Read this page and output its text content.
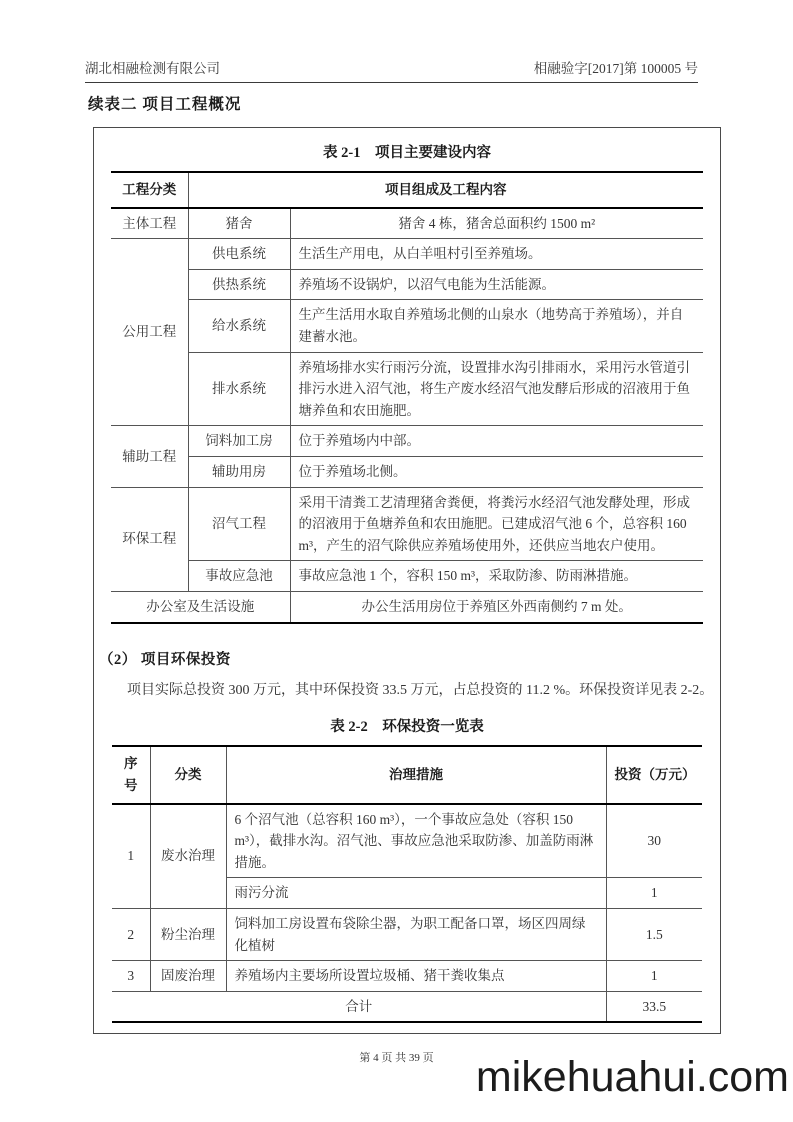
湖北相融检测有限公司	相融验字[2017]第 100005 号
续表二 项目工程概况
表 2-1　项目主要建设内容
工程分类	项目组成及工程内容	
主体工程	猪舍	猪舍 4 栋，猪舍总面积约 1500 m²
公用工程	供电系统	生活生产用电，从白羊咀村引至养殖场。
	供热系统	养殖场不设锅炉，以沼气电能为生活能源。
	给水系统	生产生活用水取自养殖场北侧的山泉水（地势高于养殖场），并自建蓄水池。
	排水系统	养殖场排水实行雨污分流，设置排水沟引排雨水，采用污水管道引排污水进入沼气池，将生产废水经沼气池发酵后形成的沼液用于鱼塘养鱼和农田施肥。
辅助工程	饲料加工房	位于养殖场内中部。
	辅助用房	位于养殖场北侧。
环保工程	沼气工程	采用干清粪工艺清理猪舍粪便，将粪污水经沼气池发酵处理，形成的沼液用于鱼塘养鱼和农田施肥。已建成沼气池 6 个，总容积 160 m³，产生的沼气除供应养殖场使用外，还供应当地农户使用。
	事故应急池	事故应急池 1 个，容积 150 m³，采取防渗、防雨淋措施。
办公室及生活设施		办公生活用房位于养殖区外西南侧约 7 m 处。
（2） 项目环保投资

项目实际总投资 300 万元，其中环保投资 33.5 万元，占总投资的 11.2 %。环保投资详见表 2-2。

表 2-2　环保投资一览表
序号	分类	治理措施	投资（万元）
1	废水治理	6 个沼气池（总容积 160 m³），一个事故应急处（容积 150 m³），截排水沟。沼气池、事故应急池采取防渗、加盖防雨淋措施。	30
		雨污分流	1
2	粉尘治理	饲料加工房设置布袋除尘器，为职工配备口罩，场区四周绿化植树	1.5
3	固废治理	养殖场内主要场所设置垃圾桶、猪干粪收集点	1
合计			33.5
第 4 页 共 39 页 mikehuahui.com
